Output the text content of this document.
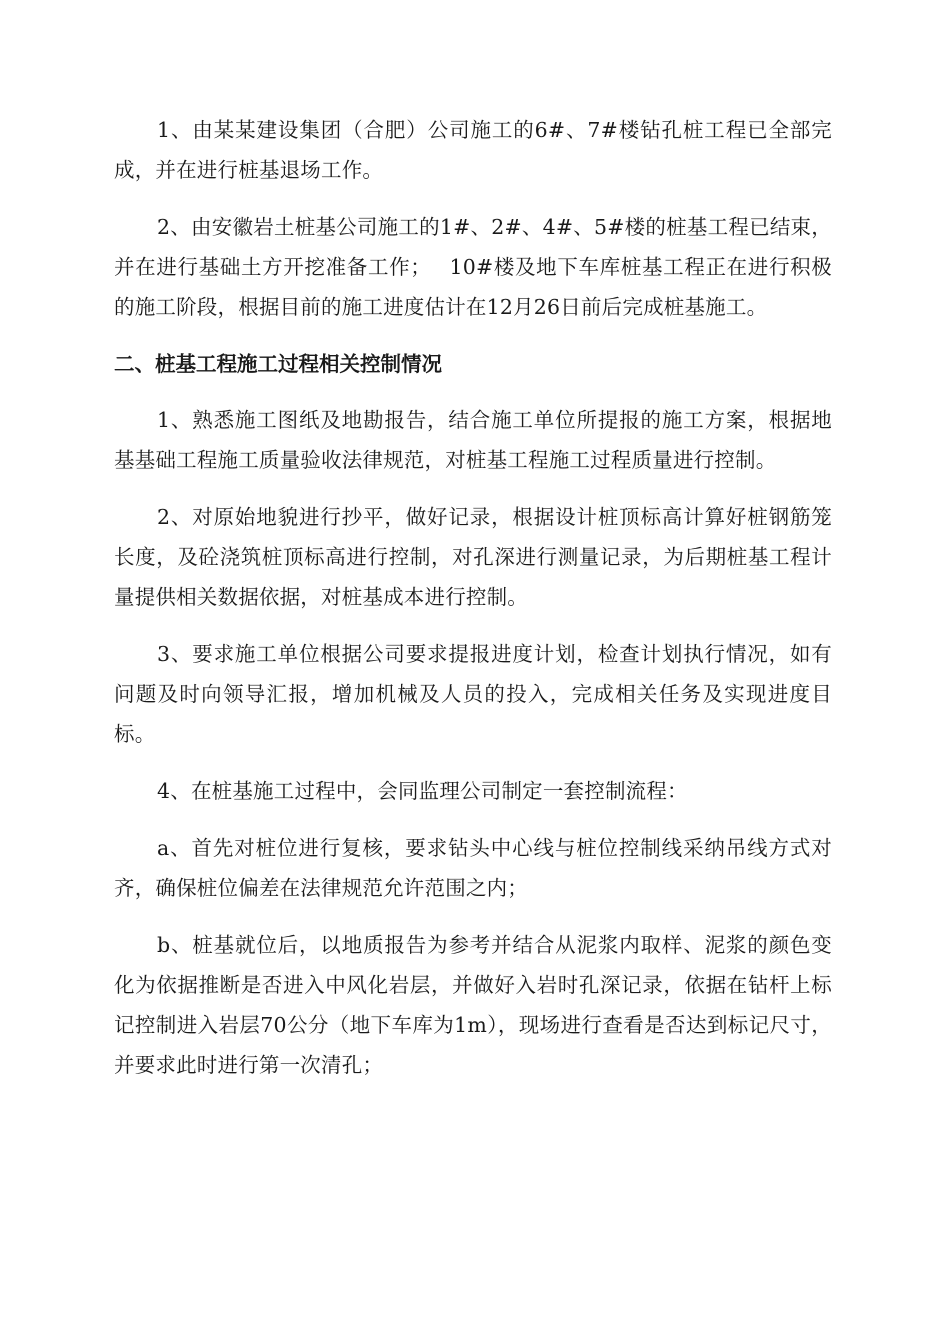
1、由某某建设集团（合肥）公司施工的6#、7#楼钻孔桩工程已全部完成，并在进行桩基退场工作。

2、由安徽岩土桩基公司施工的1#、2#、4#、5#楼的桩基工程已结束，并在进行基础土方开挖准备工作；　 10#楼及地下车库桩基工程正在进行积极的施工阶段，根据目前的施工进度估计在12月26日前后完成桩基施工。

二、桩基工程施工过程相关控制情况

1、熟悉施工图纸及地勘报告，结合施工单位所提报的施工方案，根据地基基础工程施工质量验收法律规范，对桩基工程施工过程质量进行控制。

2、对原始地貌进行抄平，做好记录，根据设计桩顶标高计算好桩钢筋笼长度，及砼浇筑桩顶标高进行控制，对孔深进行测量记录，为后期桩基工程计量提供相关数据依据，对桩基成本进行控制。

3、要求施工单位根据公司要求提报进度计划，检查计划执行情况，如有问题及时向领导汇报，增加机械及人员的投入，完成相关任务及实现进度目标。

4、在桩基施工过程中，会同监理公司制定一套控制流程：

a、首先对桩位进行复核，要求钻头中心线与桩位控制线采纳吊线方式对齐，确保桩位偏差在法律规范允许范围之内；

b、桩基就位后，以地质报告为参考并结合从泥浆内取样、泥浆的颜色变化为依据推断是否进入中风化岩层，并做好入岩时孔深记录，依据在钻杆上标记控制进入岩层70公分（地下车库为1m），现场进行查看是否达到标记尺寸，并要求此时进行第一次清孔；
